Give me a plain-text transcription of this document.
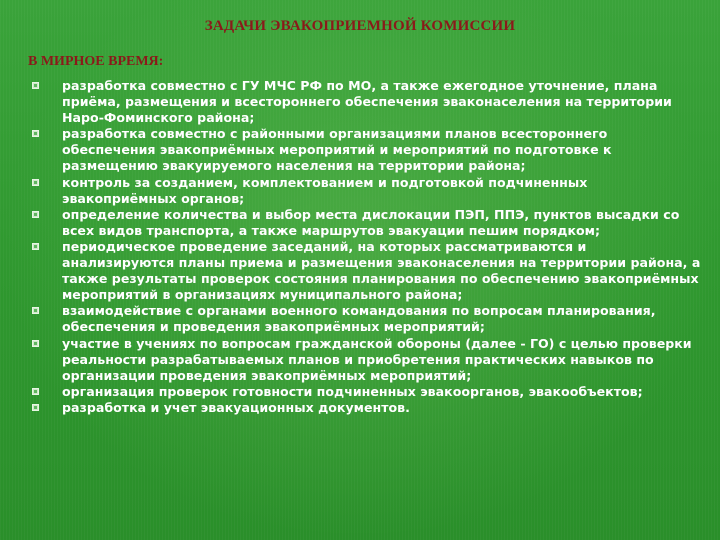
ЗАДАЧИ ЭВАКОПРИЕМНОЙ КОМИССИИ
В МИРНОЕ ВРЕМЯ:
разработка совместно с ГУ МЧС РФ по МО, а также ежегодное уточнение, плана приёма, размещения и всестороннего обеспечения эваконаселения на территории Наро-Фоминского района;
разработка совместно с районными организациями планов всестороннего обеспечения эвакоприёмных мероприятий и мероприятий по подготовке к размещению эвакуируемого населения на территории района;
контроль за созданием, комплектованием и подготовкой подчиненных эвакоприёмных органов;
определение количества и выбор места дислокации ПЭП, ППЭ, пунктов высадки со всех видов транспорта, а также маршрутов эвакуации пешим порядком;
периодическое проведение заседаний, на которых рассматриваются и анализируются планы приема и размещения эваконаселения на территории района, а также результаты проверок состояния планирования по обеспечению эвакоприёмных мероприятий в организациях муниципального района;
взаимодействие с органами военного командования по вопросам планирования, обеспечения и проведения эвакоприёмных мероприятий;
участие в учениях по вопросам гражданской обороны (далее - ГО) с целью проверки реальности разрабатываемых планов и приобретения практических навыков по организации проведения эвакоприёмных мероприятий;
организация проверок готовности подчиненных эвакоорганов, эвакообъектов;
разработка и учет эвакуационных документов.
